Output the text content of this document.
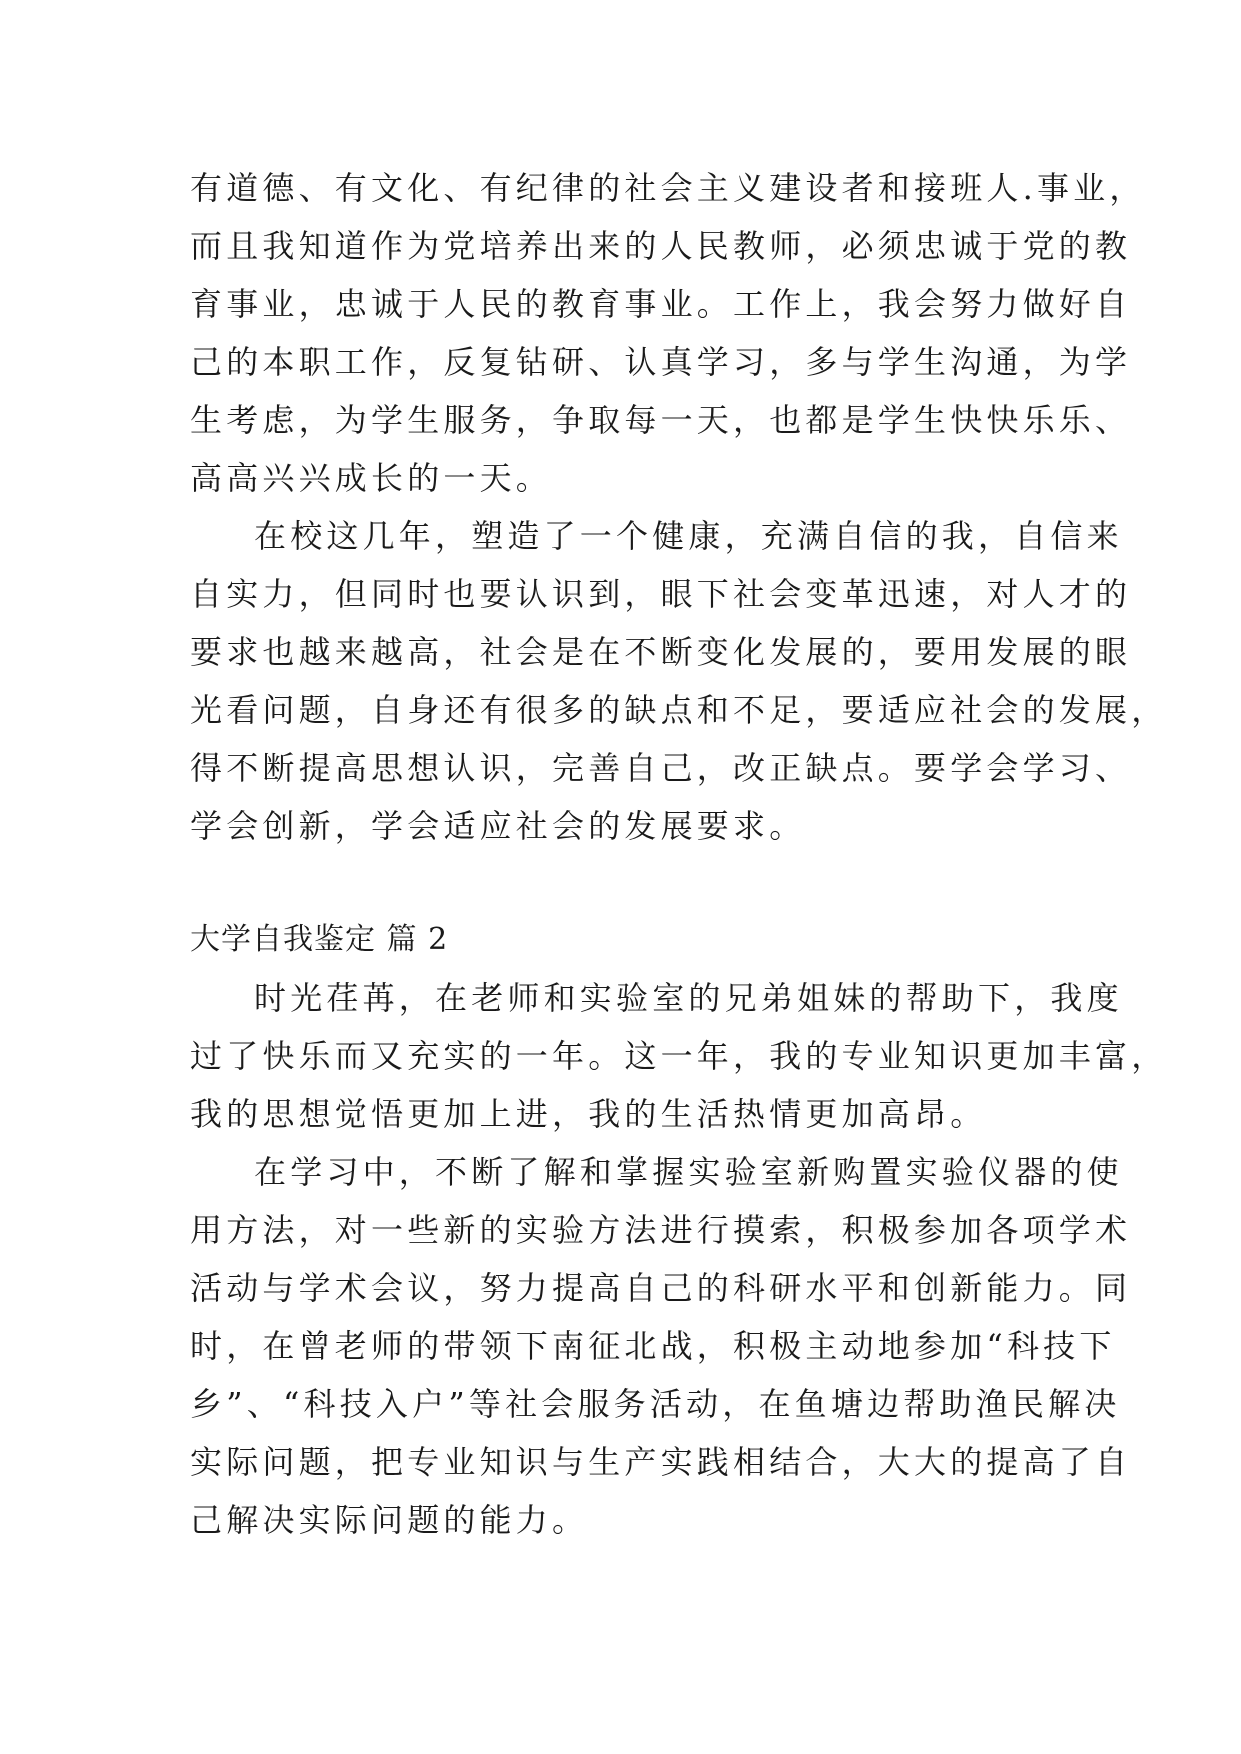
有道德、有文化、有纪律的社会主义建设者和接班人.事业，
而且我知道作为党培养出来的人民教师，必须忠诚于党的教
育事业，忠诚于人民的教育事业。工作上，我会努力做好自
己的本职工作，反复钻研、认真学习，多与学生沟通，为学
生考虑，为学生服务，争取每一天，也都是学生快快乐乐、
高高兴兴成长的一天。
在校这几年，塑造了一个健康，充满自信的我，自信来
自实力，但同时也要认识到，眼下社会变革迅速，对人才的
要求也越来越高，社会是在不断变化发展的，要用发展的眼
光看问题，自身还有很多的缺点和不足，要适应社会的发展，
得不断提高思想认识，完善自己，改正缺点。要学会学习、
学会创新，学会适应社会的发展要求。
大学自我鉴定 篇 2
时光荏苒，在老师和实验室的兄弟姐妹的帮助下，我度
过了快乐而又充实的一年。这一年，我的专业知识更加丰富，
我的思想觉悟更加上进，我的生活热情更加高昂。
在学习中，不断了解和掌握实验室新购置实验仪器的使
用方法，对一些新的实验方法进行摸索，积极参加各项学术
活动与学术会议，努力提高自己的科研水平和创新能力。同
时，在曾老师的带领下南征北战，积极主动地参加“科技下
乡”、“科技入户”等社会服务活动，在鱼塘边帮助渔民解决
实际问题，把专业知识与生产实践相结合，大大的提高了自
己解决实际问题的能力。
